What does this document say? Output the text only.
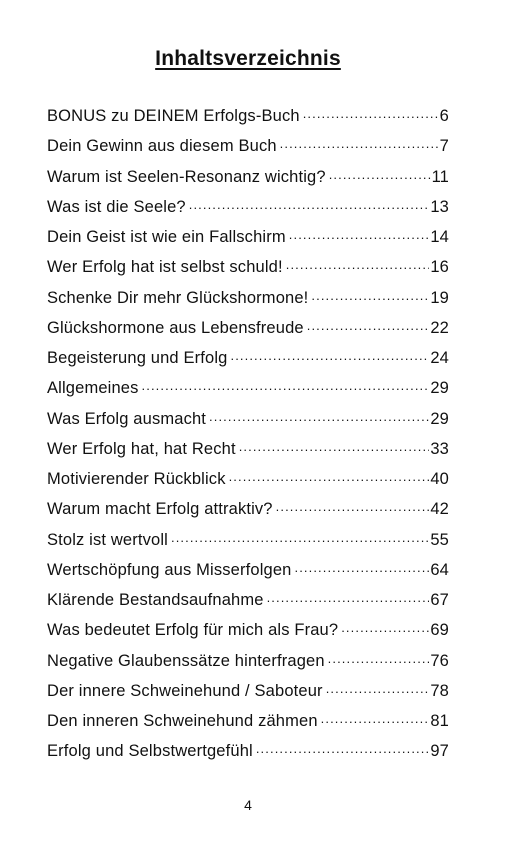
Inhaltsverzeichnis
BONUS zu DEINEM Erfolgs-Buch .....	6
Dein Gewinn aus diesem Buch .....	7
Warum ist Seelen-Resonanz wichtig? .....	11
Was ist die Seele? .....	13
Dein Geist ist wie ein Fallschirm .....	14
Wer Erfolg hat ist selbst schuld! .....	16
Schenke Dir mehr Glückshormone! .....	19
Glückshormone aus Lebensfreude .....	22
Begeisterung und Erfolg .....	24
Allgemeines .....	29
Was Erfolg ausmacht .....	29
Wer Erfolg hat, hat Recht .....	33
Motivierender Rückblick .....	40
Warum macht Erfolg attraktiv? .....	42
Stolz ist wertvoll .....	55
Wertschöpfung aus Misserfolgen .....	64
Klärende Bestandsaufnahme .....	67
Was bedeutet Erfolg für mich als Frau? .....	69
Negative Glaubenssätze hinterfragen .....	76
Der innere Schweinehund / Saboteur .....	78
Den inneren Schweinehund zähmen .....	81
Erfolg und Selbstwertgefühl .....	97
4
